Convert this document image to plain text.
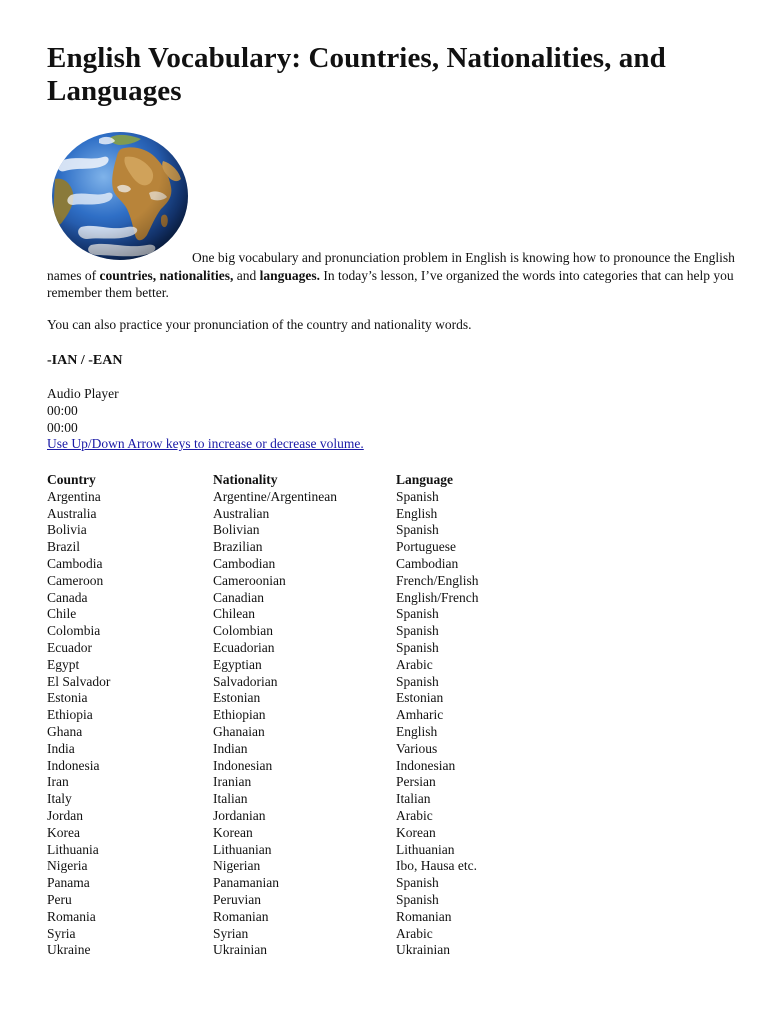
English Vocabulary: Countries, Nationalities, and Languages

One big vocabulary and pronunciation problem in English is knowing how to pronounce the English names of countries, nationalities, and languages. In today’s lesson, I’ve organized the words into categories that can help you remember them better.

You can also practice your pronunciation of the country and nationality words.

-IAN / -EAN
Audio Player
00:00
00:00
Use Up/Down Arrow keys to increase or decrease volume.
Country	Nationality	Language
Argentina	Argentine/Argentinean	Spanish
Australia	Australian	English
Bolivia	Bolivian	Spanish
Brazil	Brazilian	Portuguese
Cambodia	Cambodian	Cambodian
Cameroon	Cameroonian	French/English
Canada	Canadian	English/French
Chile	Chilean	Spanish
Colombia	Colombian	Spanish
Ecuador	Ecuadorian	Spanish
Egypt	Egyptian	Arabic
El Salvador	Salvadorian	Spanish
Estonia	Estonian	Estonian
Ethiopia	Ethiopian	Amharic
Ghana	Ghanaian	English
India	Indian	Various
Indonesia	Indonesian	Indonesian
Iran	Iranian	Persian
Italy	Italian	Italian
Jordan	Jordanian	Arabic
Korea	Korean	Korean
Lithuania	Lithuanian	Lithuanian
Nigeria	Nigerian	Ibo, Hausa etc.
Panama	Panamanian	Spanish
Peru	Peruvian	Spanish
Romania	Romanian	Romanian
Syria	Syrian	Arabic
Ukraine	Ukrainian	Ukrainian
